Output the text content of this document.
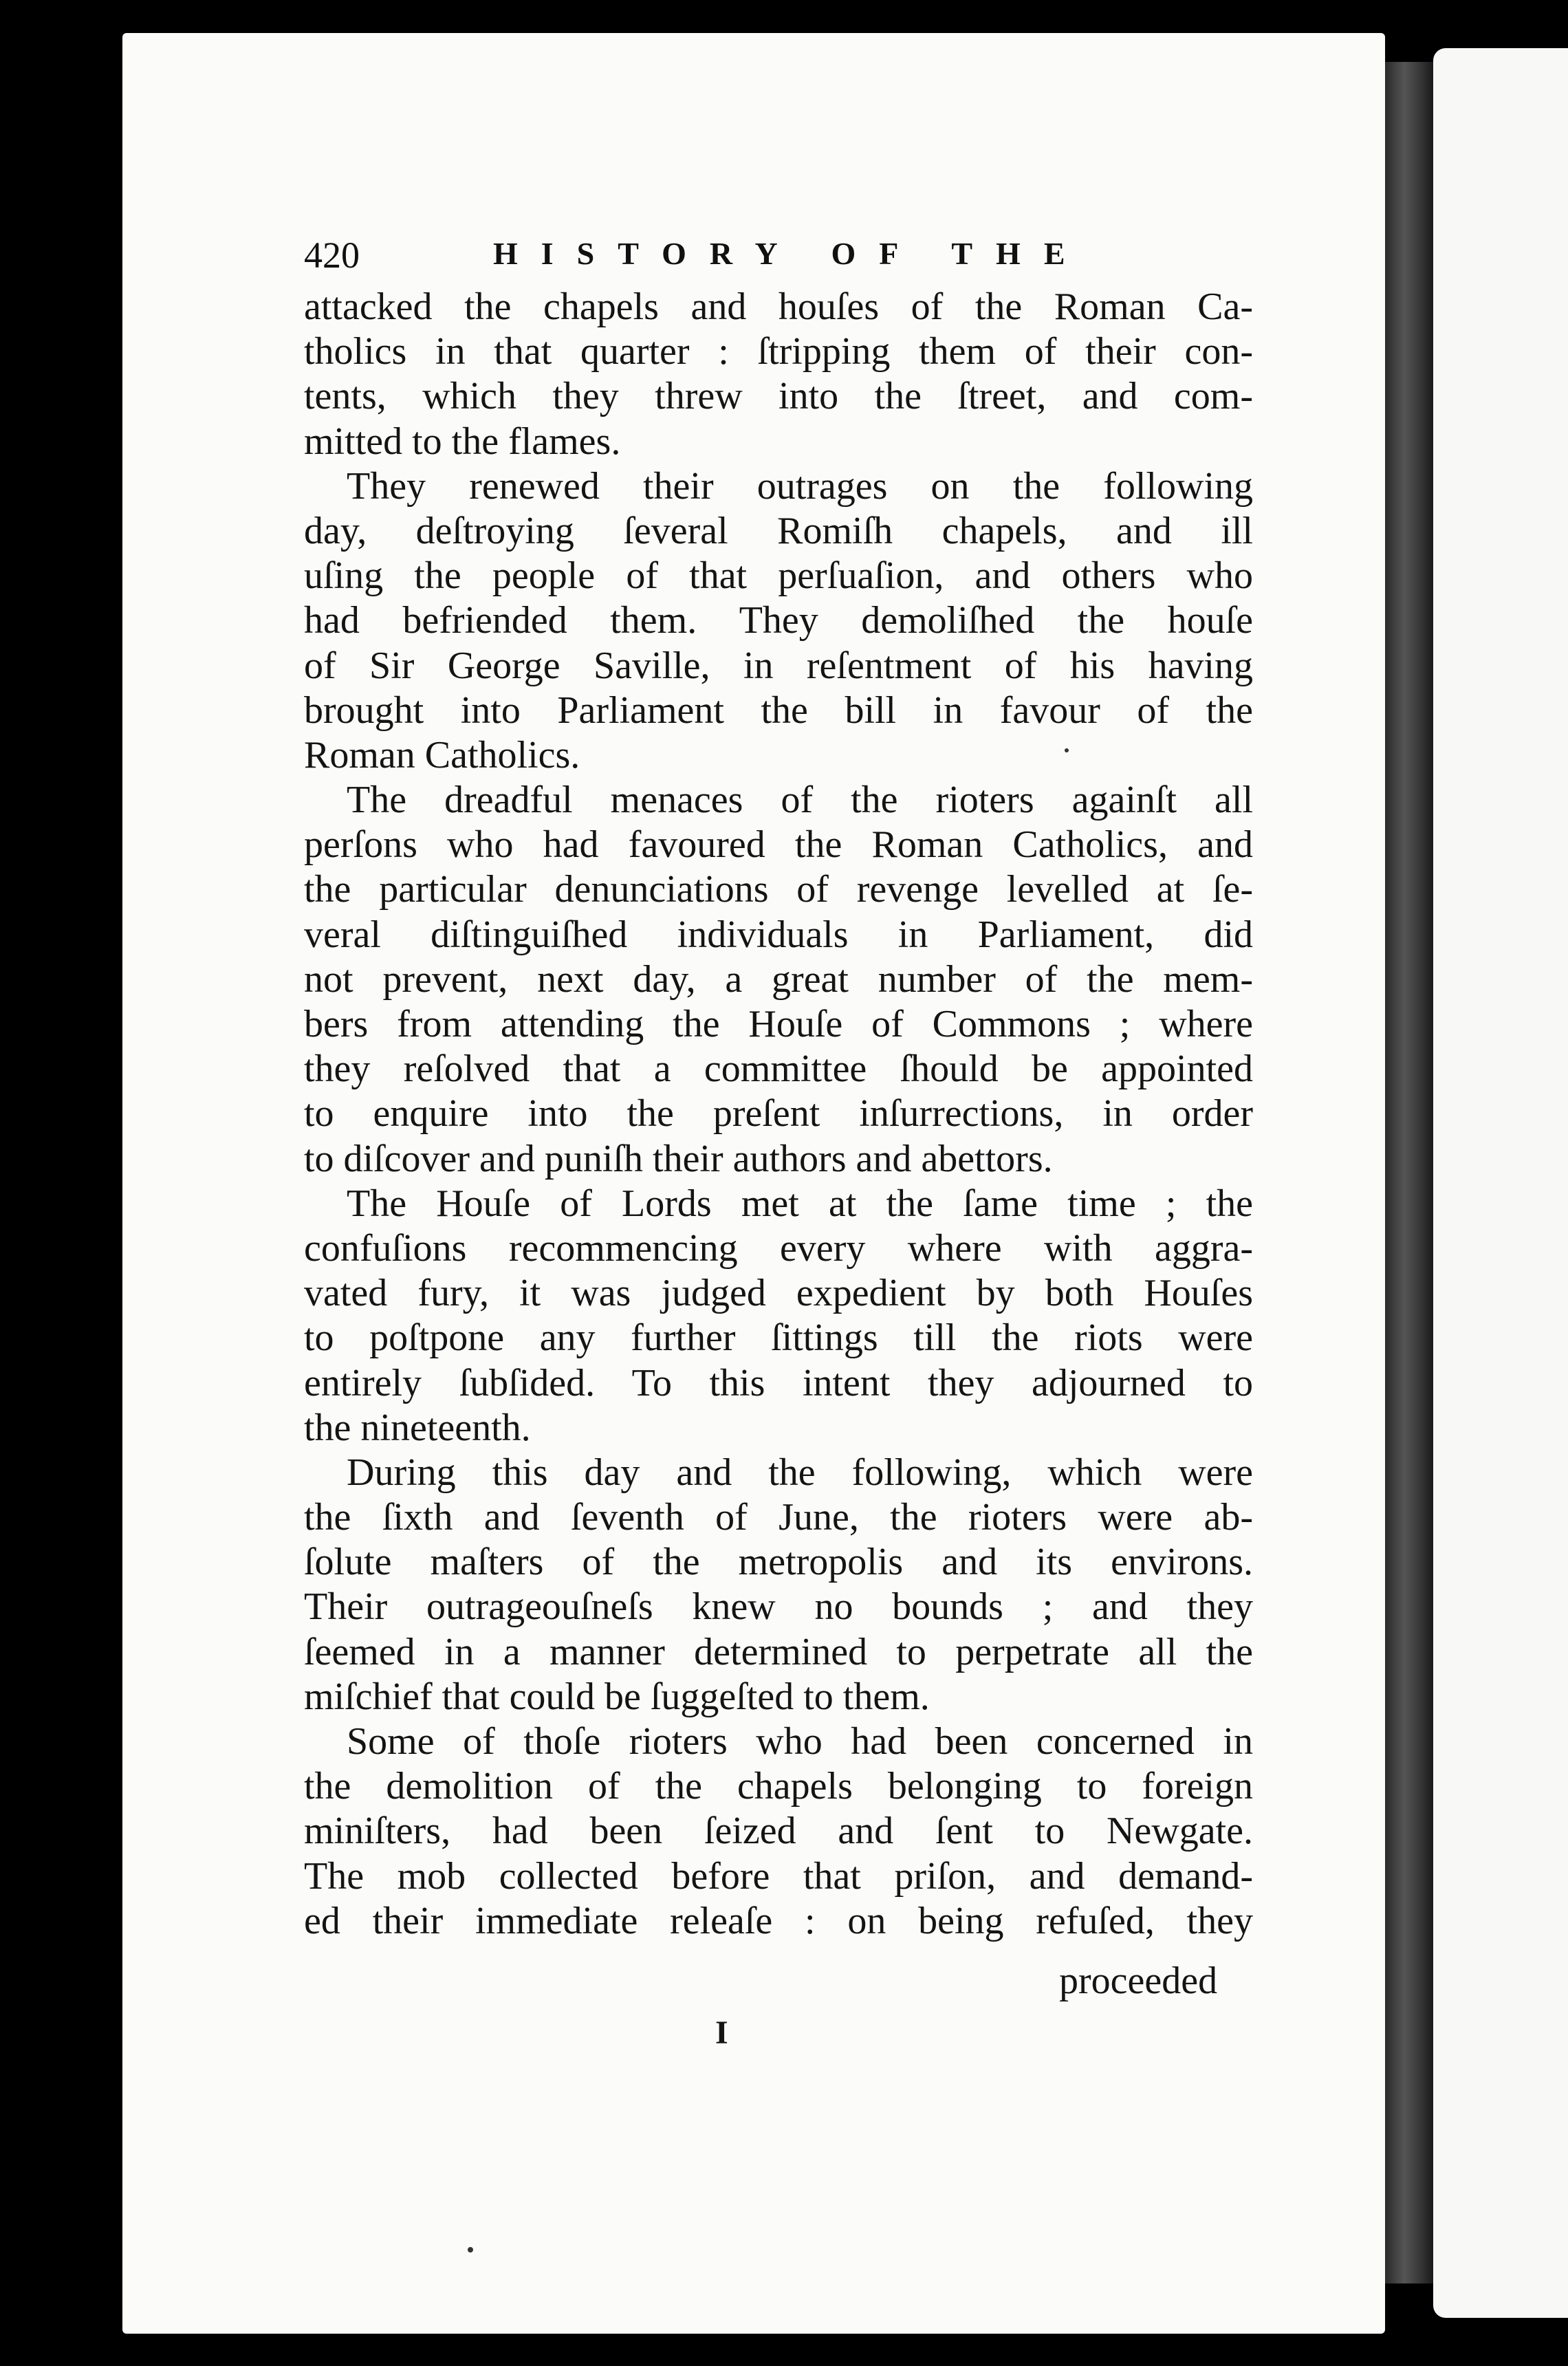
420	HISTORY OF THE
attacked the chapels and houſes of the Roman Ca-
tholics in that quarter : ſtripping them of their con-
tents, which they threw into the ſtreet, and com-
mitted to the flames.
They renewed their outrages on the following
day, deſtroying ſeveral Romiſh chapels, and ill
uſing the people of that perſuaſion, and others who
had befriended them. They demoliſhed the houſe
of Sir George Saville, in reſentment of his having
brought into Parliament the bill in favour of the
Roman Catholics.
The dreadful menaces of the rioters againſt all
perſons who had favoured the Roman Catholics, and
the particular denunciations of revenge levelled at ſe-
veral diſtinguiſhed individuals in Parliament, did
not prevent, next day, a great number of the mem-
bers from attending the Houſe of Commons ; where
they reſolved that a committee ſhould be appointed
to enquire into the preſent inſurrections, in order
to diſcover and puniſh their authors and abettors.
The Houſe of Lords met at the ſame time ; the
confuſions recommencing every where with aggra-
vated fury, it was judged expedient by both Houſes
to poſtpone any further ſittings till the riots were
entirely ſubſided. To this intent they adjourned to
the nineteenth.
During this day and the following, which were
the ſixth and ſeventh of June, the rioters were ab-
ſolute maſters of the metropolis and its environs.
Their outrageouſneſs knew no bounds ; and they
ſeemed in a manner determined to perpetrate all the
miſchief that could be ſuggeſted to them.
Some of thoſe rioters who had been concerned in
the demolition of the chapels belonging to foreign
miniſters, had been ſeized and ſent to Newgate.
The mob collected before that priſon, and demand-
ed their immediate releaſe : on being refuſed, they
proceeded
I
